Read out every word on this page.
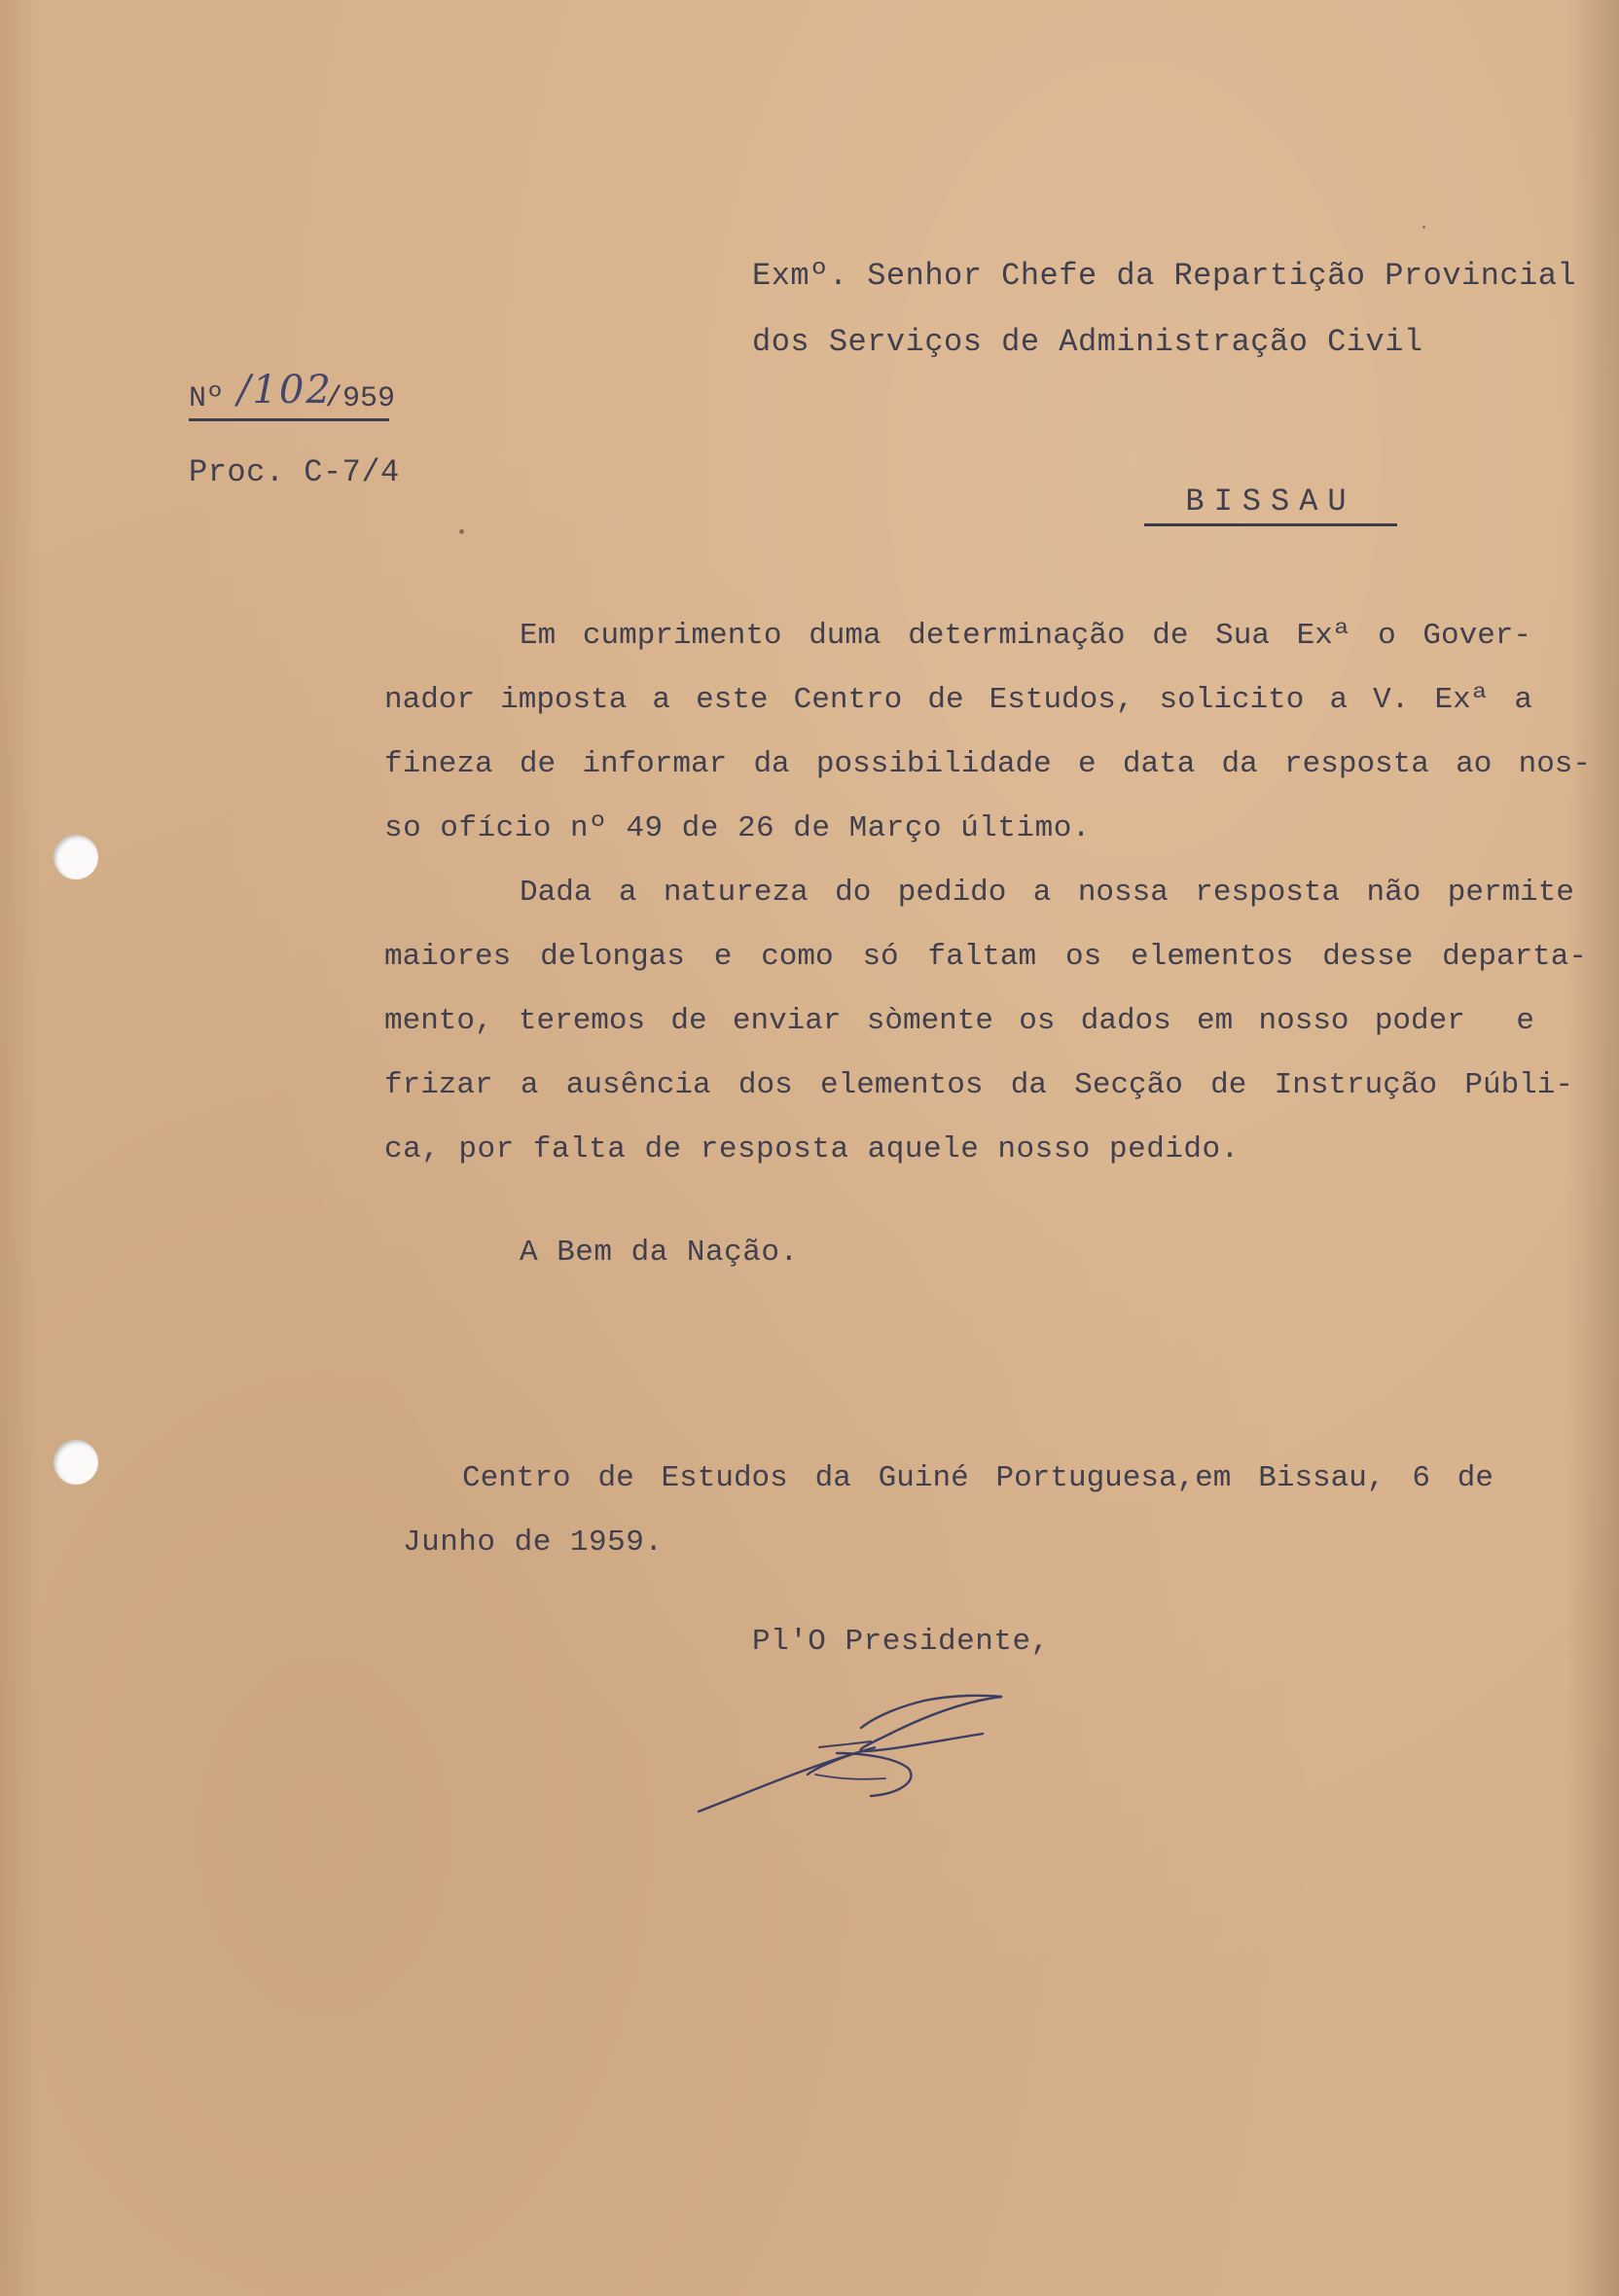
Exmº. Senhor Chefe da Repartição Provincial
dos Serviços de Administração Civil
Nº /102
/959
Proc. C-7/4
BISSAU
Em cumprimento duma determinação de Sua Exª o Gover-
nador imposta a este Centro de Estudos, solicito a V. Exª a
fineza de informar da possibilidade e data da resposta ao nos-
so ofício nº 49 de 26 de Março último.
Dada a natureza do pedido a nossa resposta não permite
maiores delongas e como só faltam os elementos desse departa-
mento, teremos de enviar sòmente os dados em nosso poder  e
frizar a ausência dos elementos da Secção de Instrução Públi-
ca, por falta de resposta aquele nosso pedido.
A Bem da Nação.
Centro de Estudos da Guiné Portuguesa,em Bissau, 6 de
Junho de 1959.
Pl'O Presidente,
